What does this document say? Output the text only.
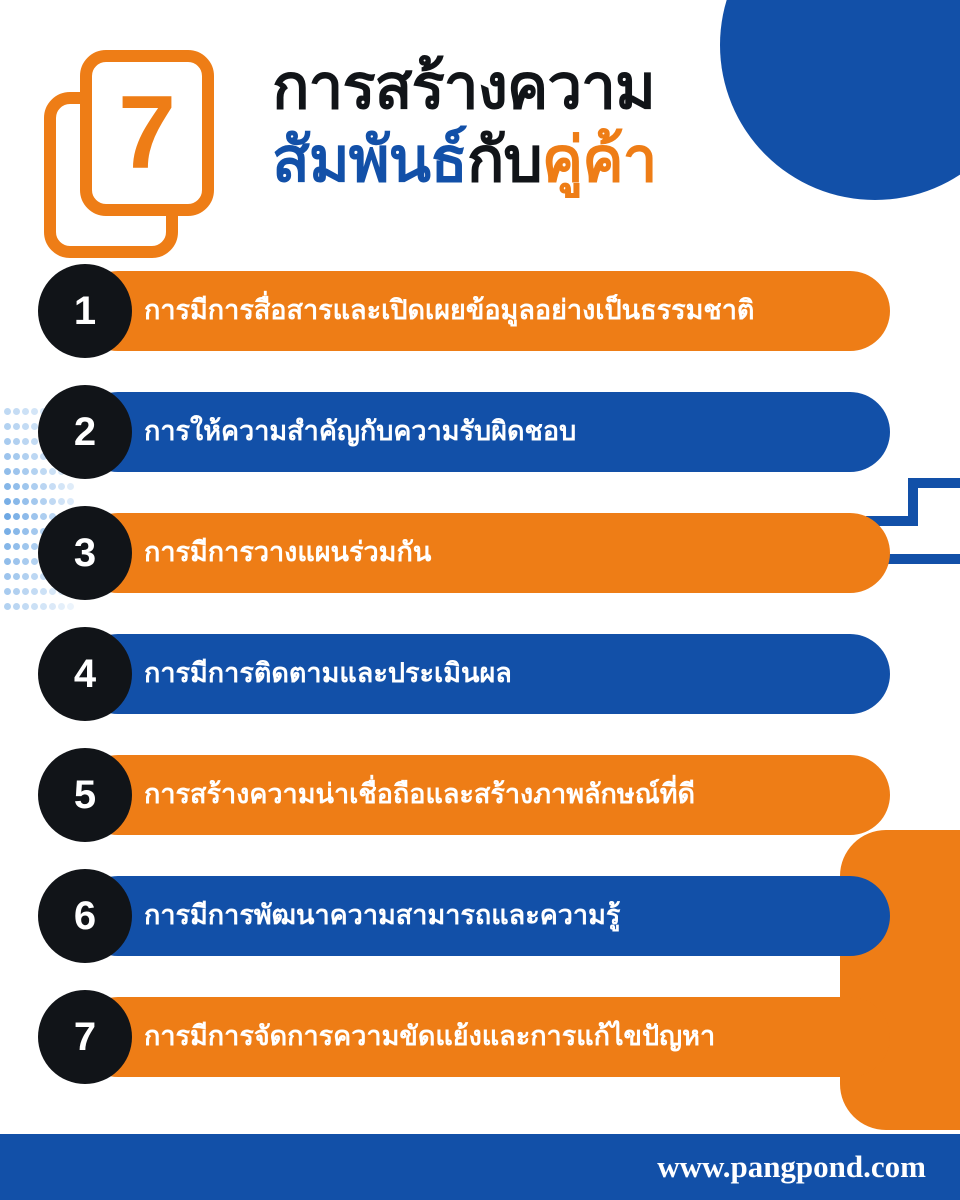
7 การสร้างความ
สัมพันธ์กับคู่ค้า
การมีการสื่อสารและเปิดเผยข้อมูลอย่างเป็นธรรมชาติ
1
การให้ความสำคัญกับความรับผิดชอบ
2
การมีการวางแผนร่วมกัน
3
การมีการติดตามและประเมินผล
4
การสร้างความน่าเชื่อถือและสร้างภาพลักษณ์ที่ดี
5
การมีการพัฒนาความสามารถและความรู้
6
การมีการจัดการความขัดแย้งและการแก้ไขปัญหา
7
www.pangpond.com
